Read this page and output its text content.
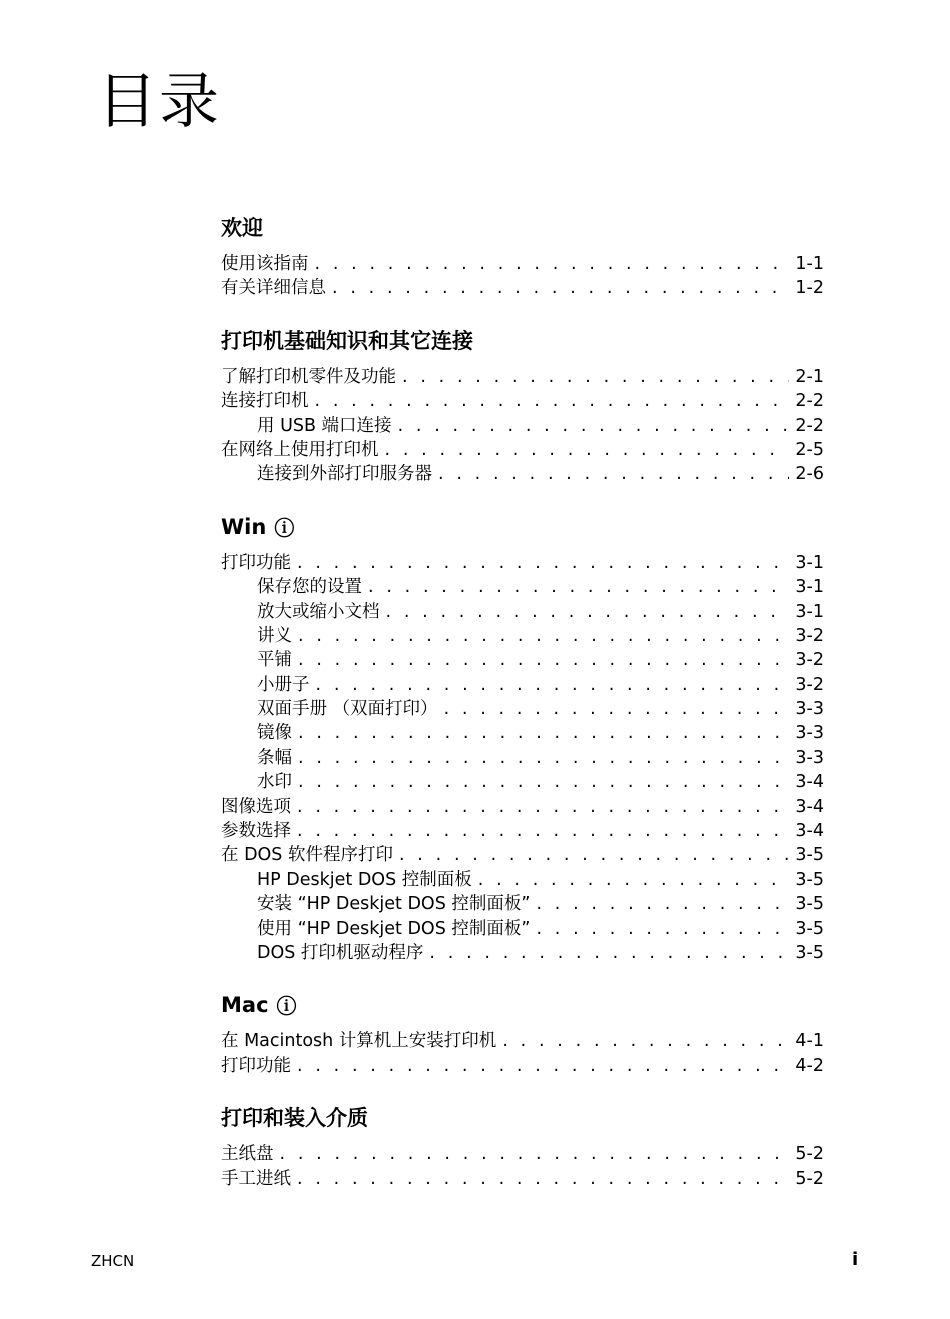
目录
欢迎
使用该指南 . . .	1-1
有关详细信息 . . .	1-2
打印机基础知识和其它连接
了解打印机零件及功能 . . .	2-1
连接打印机 . . .	2-2
用 USB 端口连接 . . .	2-2
在网络上使用打印机 . . .	2-5
连接到外部打印服务器 . . .	2-6
Win ⓘ
打印功能 . . .	3-1
保存您的设置 . . .	3-1
放大或缩小文档 . . .	3-1
讲义 . . .	3-2
平铺 . . .	3-2
小册子 . . .	3-2
双面手册 （双面打印） . . .	3-3
镜像 . . .	3-3
条幅 . . .	3-3
水印 . . .	3-4
图像选项 . . .	3-4
参数选择 . . .	3-4
在 DOS 软件程序打印 . . .	3-5
HP Deskjet DOS 控制面板 . . .	3-5
安装 “HP Deskjet DOS 控制面板” . . .	3-5
使用 “HP Deskjet DOS 控制面板” . . .	3-5
DOS 打印机驱动程序 . . .	3-5
Mac ⓘ
在 Macintosh 计算机上安装打印机 . . .	4-1
打印功能 . . .	4-2
打印和装入介质
主纸盘 . . .	5-2
手工进纸 . . .	5-2
ZHCN	i
